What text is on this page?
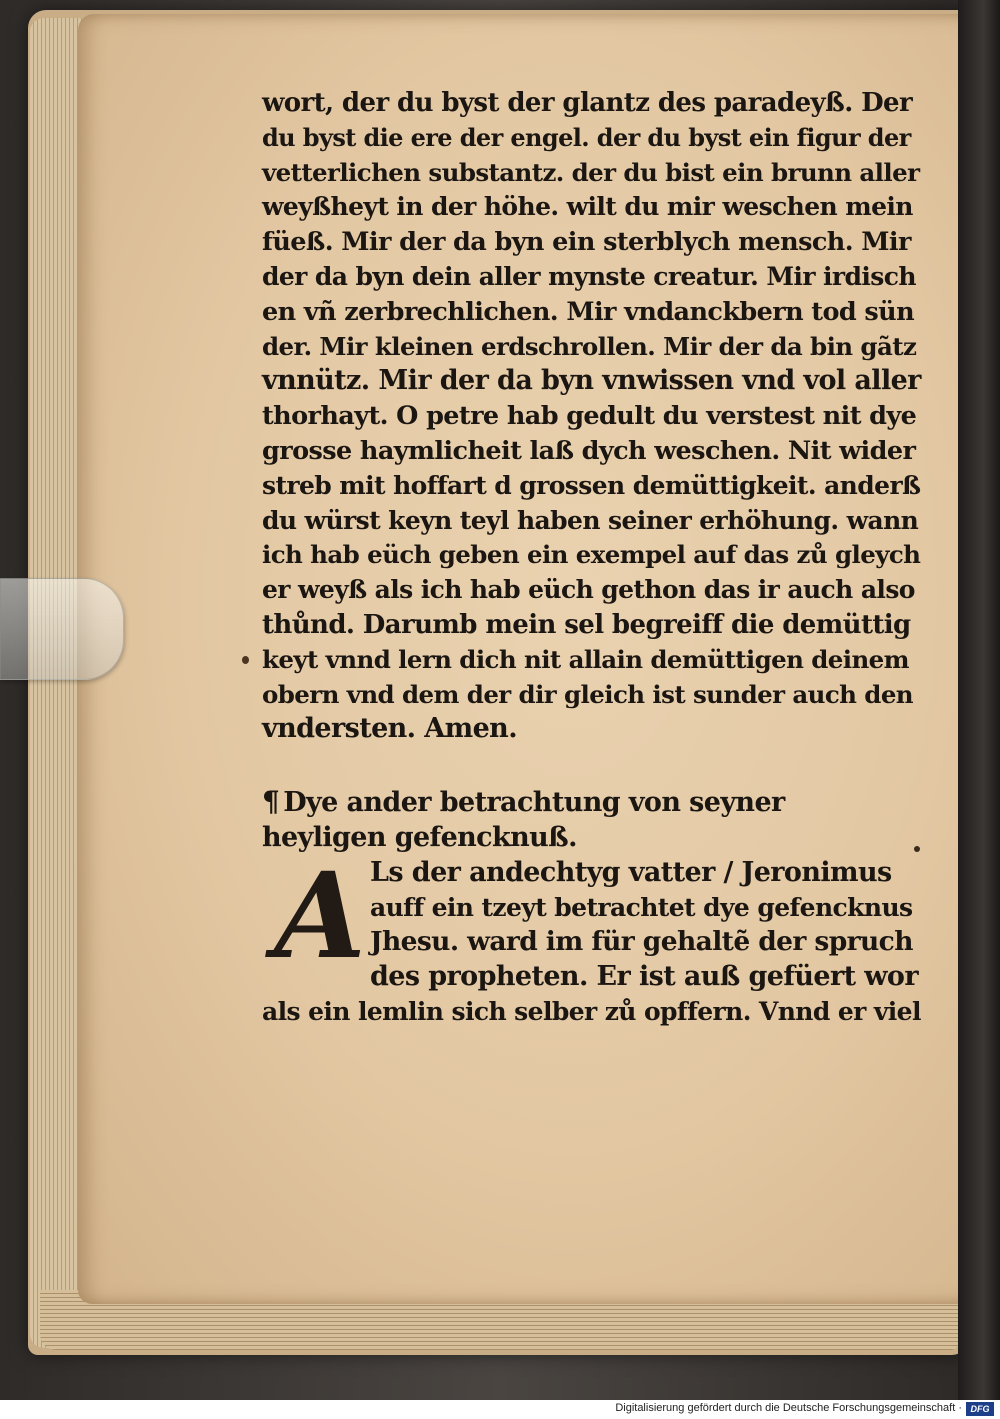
wort, der du byst der glantz des paradeyß. Der
du byst die ere der engel. der du byst ein figur der
vetterlichen substantz. der du bist ein brunn aller
weyßheyt in der höhe. wilt du mir weschen mein
füeß. Mir der da byn ein sterblych mensch. Mir
der da byn dein aller mynste creatur. Mir irdisch
en vñ zerbrechlichen. Mir vndanckbern tod sün
der. Mir kleinen erdschrollen. Mir der da bin gãtz
vnnütz. Mir der da byn vnwissen vnd vol aller
thorhayt. O petre hab gedult du verstest nit dye
grosse haymlicheit laß dych weschen. Nit wider
streb mit hoffart d grossen demüttigkeit. anderß
du würst keyn teyl haben seiner erhöhung. wann
ich hab eüch geben ein exempel auf das zů gleych
er weyß als ich hab eüch gethon das ir auch also
thůnd. Darumb mein sel begreiff die demüttig
keyt vnnd lern dich nit allain demüttigen deinem
obern vnd dem der dir gleich ist sunder auch den
vndersten. Amen.
¶ Dye ander betrachtung von seyner
heyligen gefencknuß.
A Ls der andechtyg vatter / Jeronimus
auff ein tzeyt betrachtet dye gefencknus
Jhesu. ward im für gehaltẽ der spruch
des propheten. Er ist auß gefüert wor
als ein lemlin sich selber zů opffern. Vnnd er viel
Digitalisierung gefördert durch die Deutsche Forschungsgemeinschaft · DFG
